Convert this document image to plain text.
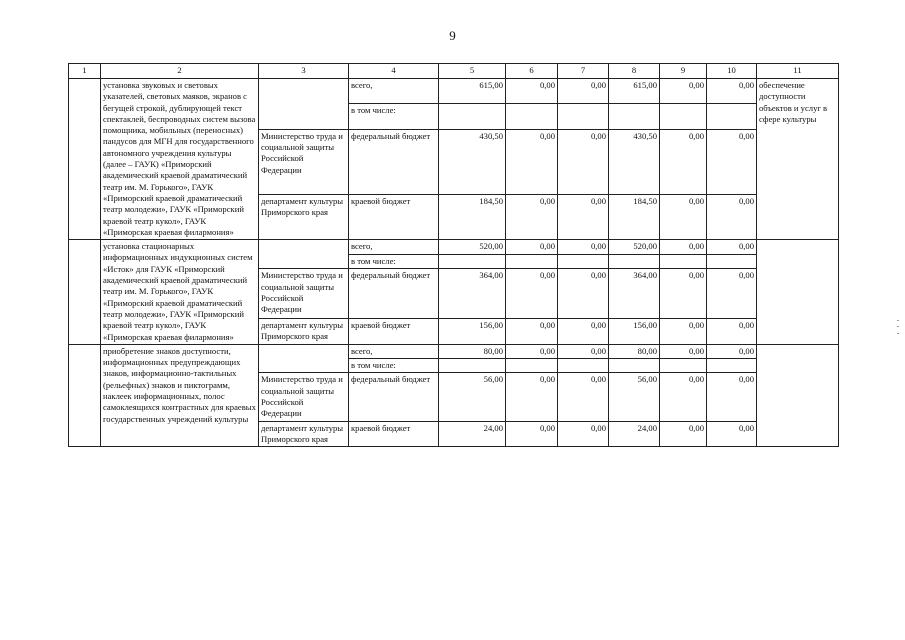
9
1	2	3	4	5	6	7	8	9	10	11
	установка звуковых и световых указателей, световых маяков, экранов с бегущей строкой, дублирующей текст спектаклей, беспроводных систем вызова помощника, мобильных (переносных) пандусов для МГН для государственного автономного учреждения культуры (далее – ГАУК) «Приморский академический краевой драматический театр им. М. Горького», ГАУК «Приморский краевой драматический театр молодежи», ГАУК «Приморский краевой театр кукол», ГАУК «Приморская краевая филармония»		всего,	615,00	0,00	0,00	615,00	0,00	0,00	обеспечение доступности объектов и услуг в сфере культуры
			в том числе:							
		Министерство труда и социальной защиты Российской Федерации	федеральный бюджет	430,50	0,00	0,00	430,50	0,00	0,00	
		департамент культуры Приморского края	краевой бюджет	184,50	0,00	0,00	184,50	0,00	0,00	
	установка стационарных информационных индукционных систем «Исток» для ГАУК «Приморский академический краевой драматический театр им. М. Горького», ГАУК «Приморский краевой драматический театр молодежи», ГАУК «Приморский краевой театр кукол», ГАУК «Приморская краевая филармония»		всего,	520,00	0,00	0,00	520,00	0,00	0,00	
			в том числе:							
		Министерство труда и социальной защиты Российской Федерации	федеральный бюджет	364,00	0,00	0,00	364,00	0,00	0,00	
		департамент культуры Приморского края	краевой бюджет	156,00	0,00	0,00	156,00	0,00	0,00	
	приобретение знаков доступности, информационных предупреждающих знаков, информационно-тактильных (рельефных) знаков и пиктограмм, наклеек информационных, полос самоклеящихся контрастных для краевых государственных учреждений культуры		всего,	80,00	0,00	0,00	80,00	0,00	0,00	
			в том числе:							
		Министерство труда и социальной защиты Российской Федерации	федеральный бюджет	56,00	0,00	0,00	56,00	0,00	0,00	
		департамент культуры Приморского края	краевой бюджет	24,00	0,00	0,00	24,00	0,00	0,00	
